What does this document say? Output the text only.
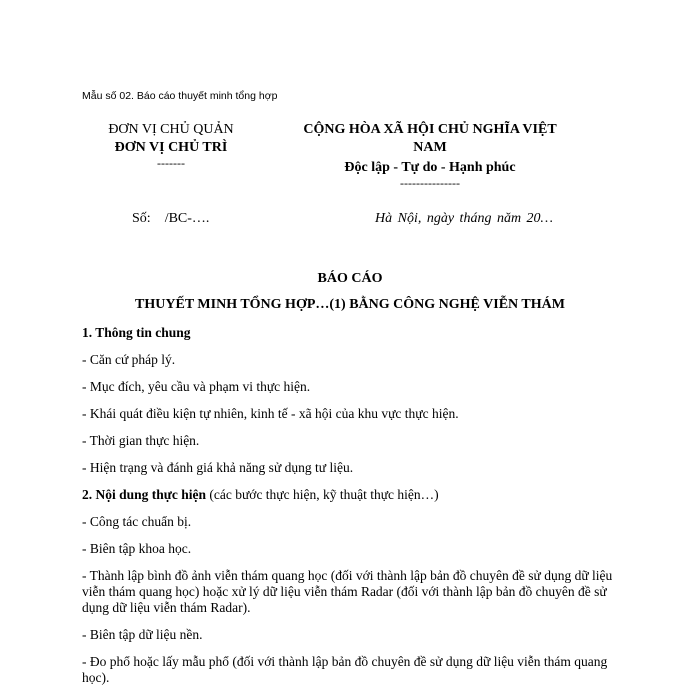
Mẫu số 02. Báo cáo thuyết minh tổng hợp
ĐƠN VỊ CHỦ QUẢN
ĐƠN VỊ CHỦ TRÌ
-------
CỘNG HÒA XÃ HỘI CHỦ NGHĨA VIỆT
NAM
Độc lập - Tự do - Hạnh phúc
---------------
Số: /BC-….	Hà Nội, ngày tháng năm 20…
BÁO CÁO
THUYẾT MINH TỔNG HỢP…(1) BẰNG CÔNG NGHỆ VIỄN THÁM

1. Thông tin chung

- Căn cứ pháp lý.

- Mục đích, yêu cầu và phạm vi thực hiện.

- Khái quát điều kiện tự nhiên, kinh tế - xã hội của khu vực thực hiện.

- Thời gian thực hiện.

- Hiện trạng và đánh giá khả năng sử dụng tư liệu.

2. Nội dung thực hiện (các bước thực hiện, kỹ thuật thực hiện…)

- Công tác chuẩn bị.

- Biên tập khoa học.

- Thành lập bình đồ ảnh viễn thám quang học (đối với thành lập bản đồ chuyên đề sử dụng dữ liệu viễn thám quang học) hoặc xử lý dữ liệu viễn thám Radar (đối với thành lập bản đồ chuyên đề sử dụng dữ liệu viễn thám Radar).

- Biên tập dữ liệu nền.

- Đo phổ hoặc lấy mẫu phổ (đối với thành lập bản đồ chuyên đề sử dụng dữ liệu viễn thám quang học).
